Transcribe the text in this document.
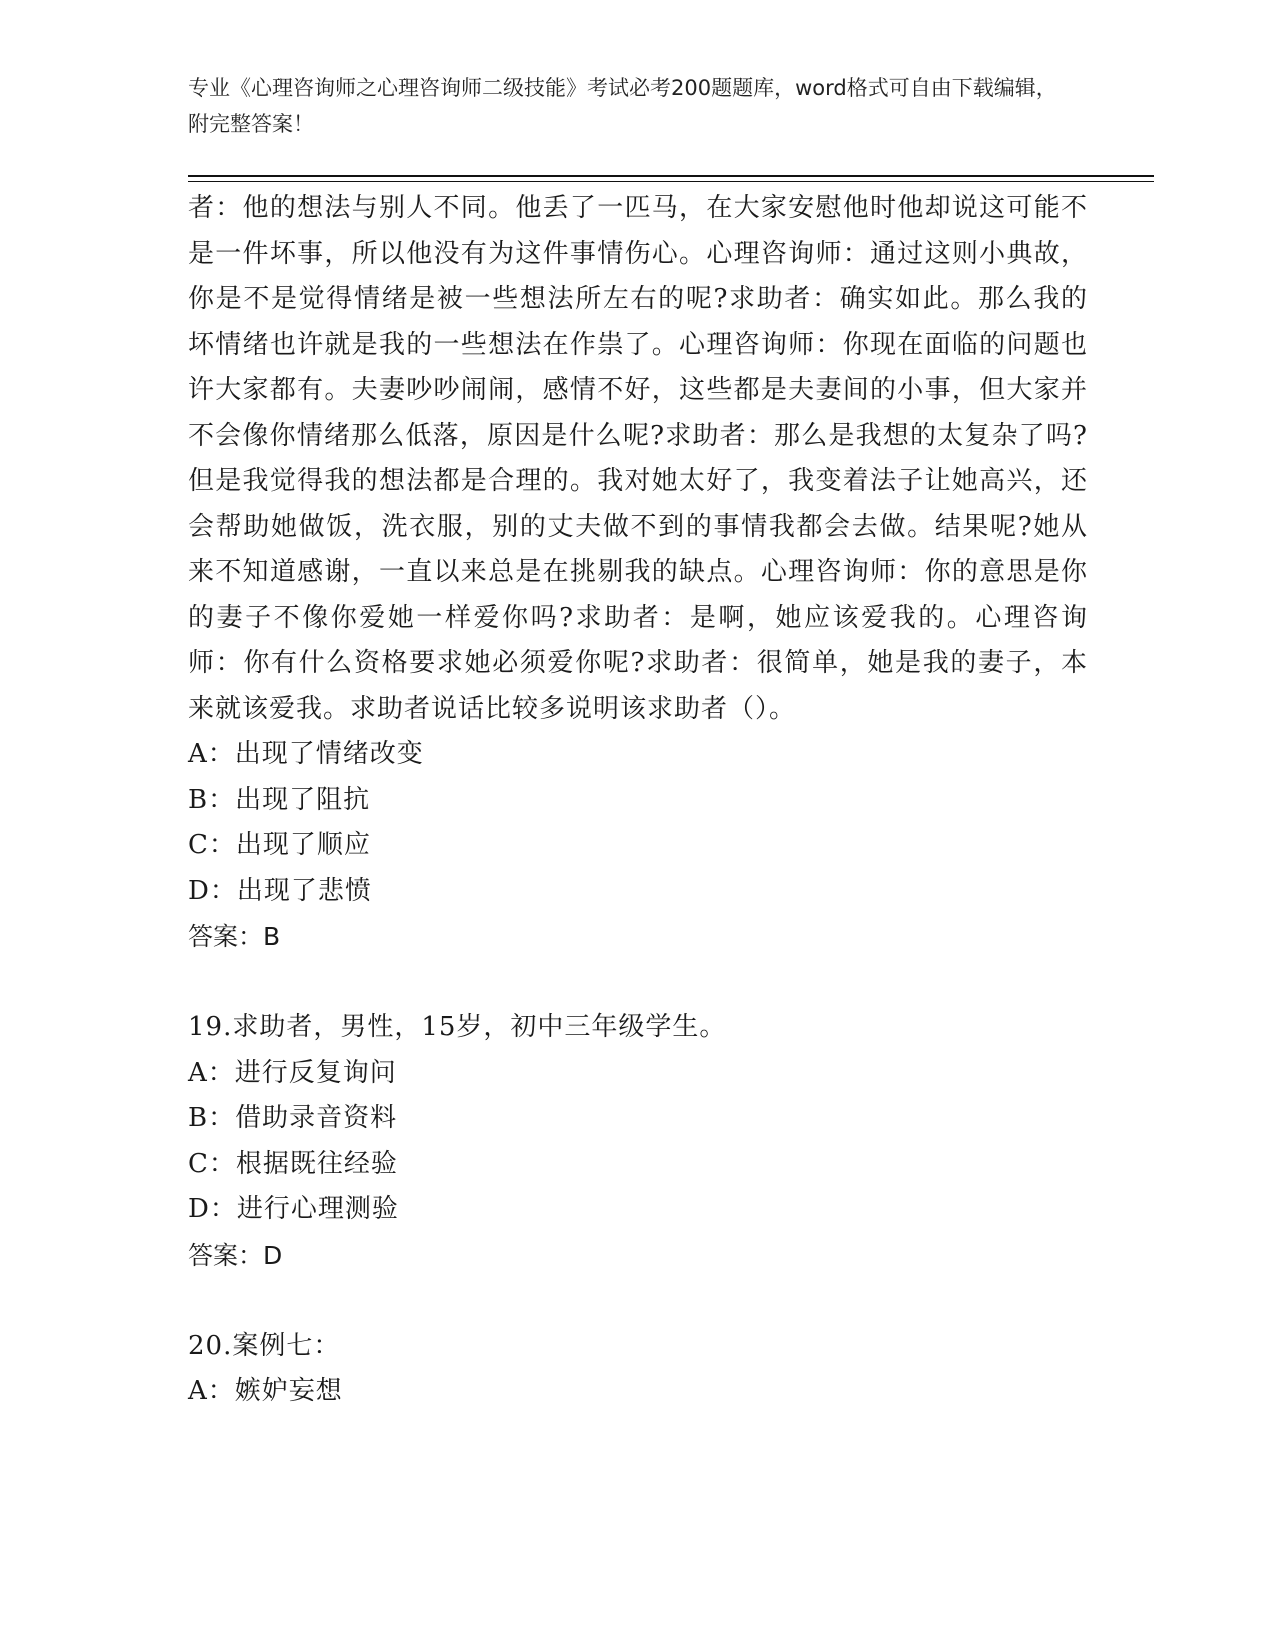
专业《心理咨询师之心理咨询师二级技能》考试必考200题题库，word格式可自由下载编辑，附完整答案！

者：他的想法与别人不同。他丢了一匹马，在大家安慰他时他却说这可能不是一件坏事，所以他没有为这件事情伤心。心理咨询师：通过这则小典故，你是不是觉得情绪是被一些想法所左右的呢?求助者：确实如此。那么我的坏情绪也许就是我的一些想法在作祟了。心理咨询师：你现在面临的问题也许大家都有。夫妻吵吵闹闹，感情不好，这些都是夫妻间的小事，但大家并不会像你情绪那么低落，原因是什么呢?求助者：那么是我想的太复杂了吗?但是我觉得我的想法都是合理的。我对她太好了，我变着法子让她高兴，还会帮助她做饭，洗衣服，别的丈夫做不到的事情我都会去做。结果呢?她从来不知道感谢，一直以来总是在挑剔我的缺点。心理咨询师：你的意思是你的妻子不像你爱她一样爱你吗?求助者：是啊，她应该爱我的。心理咨询师：你有什么资格要求她必须爱你呢?求助者：很简单，她是我的妻子，本来就该爱我。求助者说话比较多说明该求助者（）。

A：出现了情绪改变

B：出现了阻抗

C：出现了顺应

D：出现了悲愤

答案：B

19.求助者，男性，15岁，初中三年级学生。

A：进行反复询问

B：借助录音资料

C：根据既往经验

D：进行心理测验

答案：D

20.案例七：

A：嫉妒妄想
